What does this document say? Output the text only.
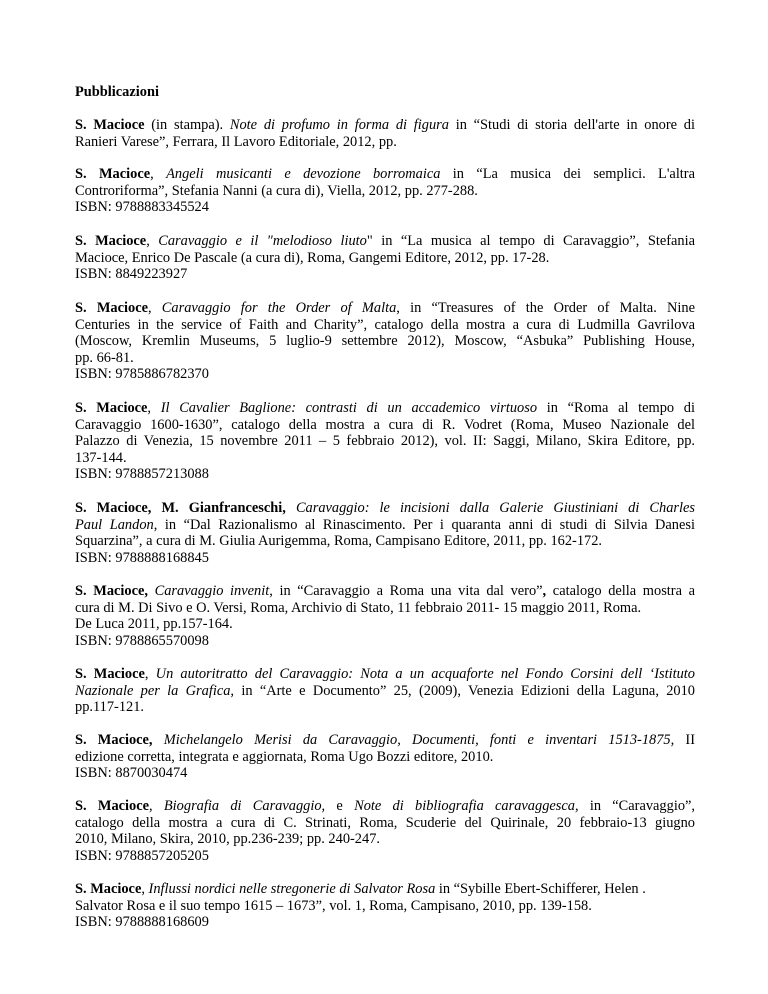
Pubblicazioni
S. Macioce (in stampa). Note di profumo in forma di figura in “Studi di storia dell'arte in onore di
Ranieri Varese”, Ferrara, Il Lavoro Editoriale, 2012, pp.
S. Macioce, Angeli musicanti e devozione borromaica in “La musica dei semplici. L'altra
Controriforma”, Stefania Nanni (a cura di), Viella, 2012, pp. 277-288.
ISBN: 9788883345524
S. Macioce, Caravaggio e il "melodioso liuto" in “La musica al tempo di Caravaggio”, Stefania
Macioce, Enrico De Pascale (a cura di), Roma, Gangemi Editore, 2012, pp. 17-28.
ISBN: 8849223927
S. Macioce, Caravaggio for the Order of Malta, in “Treasures of the Order of Malta. Nine
Centuries in the service of Faith and Charity”, catalogo della mostra a cura di Ludmilla Gavrilova
(Moscow, Kremlin Museums, 5 luglio-9 settembre 2012), Moscow, “Asbuka” Publishing House,
pp. 66-81.
ISBN: 9785886782370
S. Macioce, Il Cavalier Baglione: contrasti di un accademico virtuoso in “Roma al tempo di
Caravaggio 1600-1630”, catalogo della mostra a cura di R. Vodret (Roma, Museo Nazionale del
Palazzo di Venezia, 15 novembre 2011 – 5 febbraio 2012), vol. II: Saggi, Milano, Skira Editore, pp.
137-144.
ISBN: 9788857213088
S. Macioce, M. Gianfranceschi, Caravaggio: le incisioni dalla Galerie Giustiniani di Charles
Paul Landon, in “Dal Razionalismo al Rinascimento. Per i quaranta anni di studi di Silvia Danesi
Squarzina”, a cura di M. Giulia Aurigemma, Roma, Campisano Editore, 2011, pp. 162-172.
ISBN: 9788888168845
S. Macioce, Caravaggio invenit, in “Caravaggio a Roma una vita dal vero”, catalogo della mostra a
cura di M. Di Sivo e O. Versi, Roma, Archivio di Stato, 11 febbraio 2011- 15 maggio 2011, Roma.
De Luca 2011, pp.157-164.
ISBN: 9788865570098
S. Macioce, Un autoritratto del Caravaggio: Nota a un acquaforte nel Fondo Corsini dell ‘Istituto
Nazionale per la Grafica, in “Arte e Documento” 25, (2009), Venezia Edizioni della Laguna, 2010
pp.117-121.
S. Macioce, Michelangelo Merisi da Caravaggio, Documenti, fonti e inventari 1513-1875, II
edizione corretta, integrata e aggiornata, Roma Ugo Bozzi editore, 2010.
ISBN: 8870030474
S. Macioce, Biografia di Caravaggio, e Note di bibliografia caravaggesca, in “Caravaggio”,
catalogo della mostra a cura di C. Strinati, Roma, Scuderie del Quirinale, 20 febbraio-13 giugno
2010, Milano, Skira, 2010, pp.236-239; pp. 240-247.
ISBN: 9788857205205
S. Macioce, Influssi nordici nelle stregonerie di Salvator Rosa in “Sybille Ebert-Schifferer, Helen .
Salvator Rosa e il suo tempo 1615 – 1673”, vol. 1, Roma, Campisano, 2010, pp. 139-158.
ISBN: 9788888168609
